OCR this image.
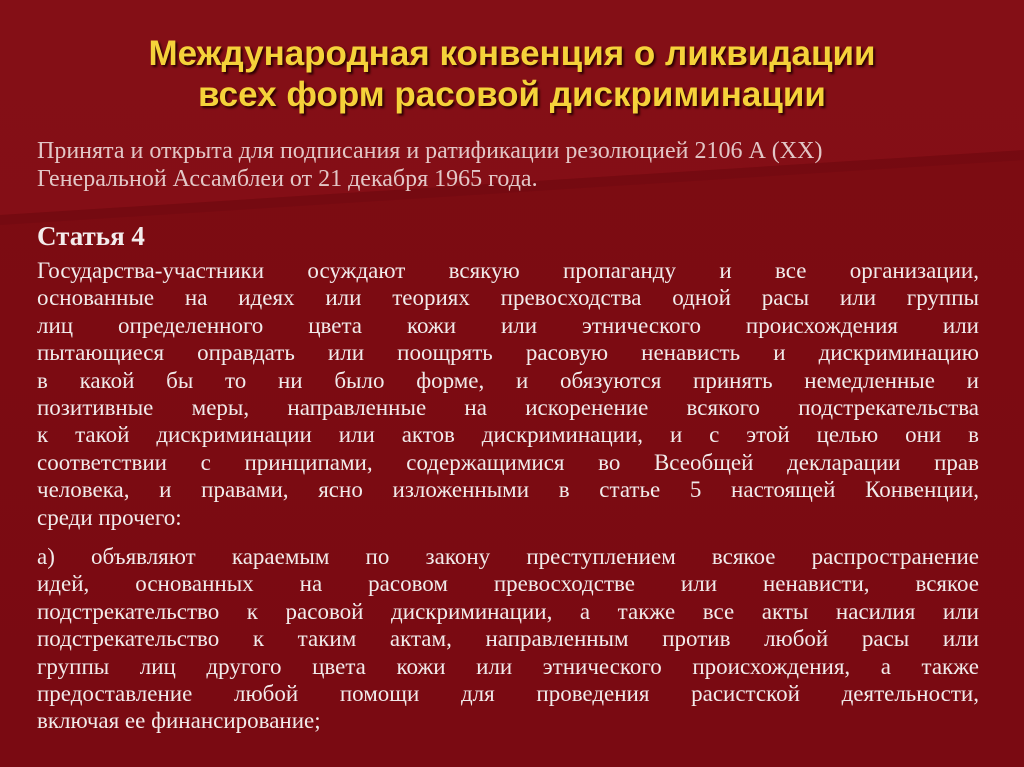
Международная конвенция о ликвидации
всех форм расовой дискриминации
Принята и открыта для подписания и ратификации резолюцией 2106 А (XX)
Генеральной Ассамблеи от 21 декабря 1965 года.
Статья 4
Государства-участники осуждают всякую пропаганду и все организации,
основанные на идеях или теориях превосходства одной расы или группы
лиц определенного цвета кожи или этнического происхождения или
пытающиеся оправдать или поощрять расовую ненависть и дискриминацию
в какой бы то ни было форме, и обязуются принять немедленные и
позитивные меры, направленные на искоренение всякого подстрекательства
к такой дискриминации или актов дискриминации, и с этой целью они в
соответствии с принципами, содержащимися во Всеобщей декларации прав
человека, и правами, ясно изложенными в статье 5 настоящей Конвенции,
среди прочего:
а) объявляют караемым по закону преступлением всякое распространение
идей, основанных на расовом превосходстве или ненависти, всякое
подстрекательство к расовой дискриминации, а также все акты насилия или
подстрекательство к таким актам, направленным против любой расы или
группы лиц другого цвета кожи или этнического происхождения, а также
предоставление любой помощи для проведения расистской деятельности,
включая ее финансирование;
